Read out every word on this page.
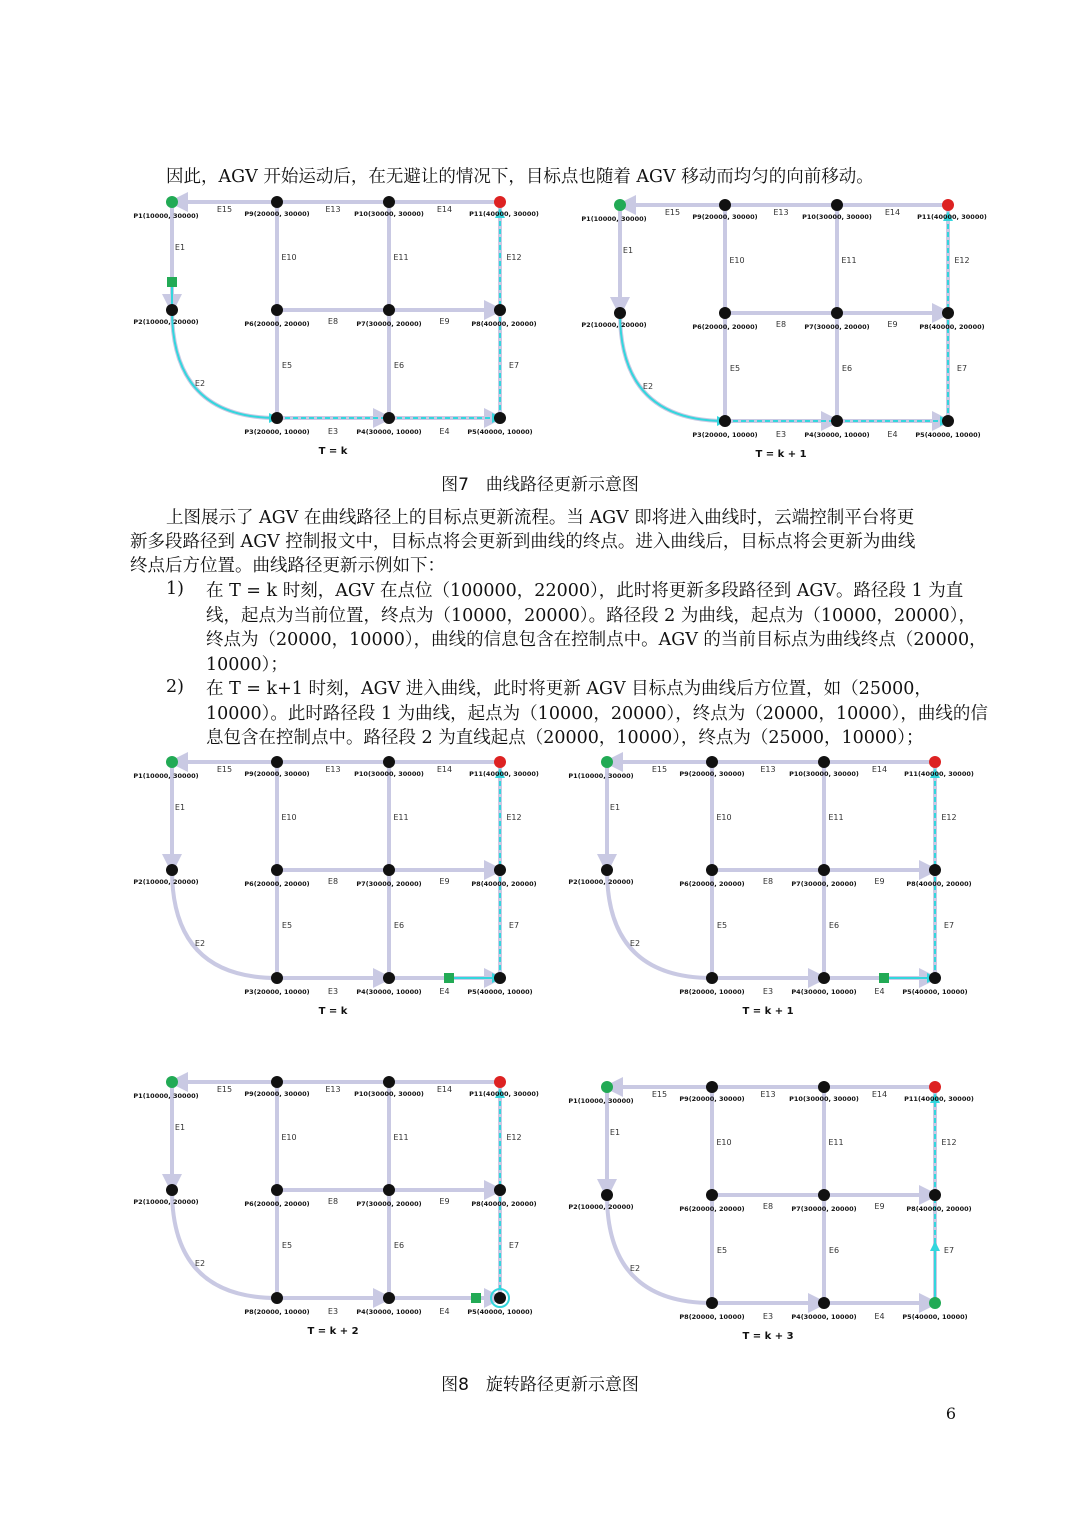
因此，AGV 开始运动后，在无避让的情况下，目标点也随着 AGV 移动而均匀的向前移动。
P1(10000, 30000)
P2(10000, 20000)
P3(20000, 10000)	P4(30000, 10000)	P5(40000, 10000)
P6(20000, 20000)	P7(30000, 20000)	P8(40000, 20000)
P9(20000, 30000)	P10(30000, 30000)	P11(40000, 30000)
E15	E13	E14
E1
E10	E11	E12
E8	E9
E5	E6	E7
E2
E3	E4
T = k
P1(10000, 30000)
P2(10000, 20000)
P3(20000, 10000)	P4(30000, 10000)	P5(40000, 10000)
P6(20000, 20000)	P7(30000, 20000)	P8(40000, 20000)
P9(20000, 30000)	P10(30000, 30000)	P11(40000, 30000)
E15	E13	E14
E1
E10	E11	E12
E8	E9
E5	E6	E7
E2
E3	E4
T = k + 1
图7　曲线路径更新示意图
上图展示了 AGV 在曲线路径上的目标点更新流程。当 AGV 即将进入曲线时，云端控制平台将更
新多段路径到 AGV 控制报文中，目标点将会更新到曲线的终点。进入曲线后，目标点将会更新为曲线
终点后方位置。曲线路径更新示例如下：
1) 在 T = k 时刻，AGV 在点位（100000，22000），此时将更新多段路径到 AGV。路径段 1 为直
线，起点为当前位置，终点为（10000，20000）。路径段 2 为曲线，起点为（10000，20000），
终点为（20000，10000），曲线的信息包含在控制点中。AGV 的当前目标点为曲线终点（20000，
10000）；
2) 在 T = k+1 时刻，AGV 进入曲线，此时将更新 AGV 目标点为曲线后方位置，如（25000，
10000）。此时路径段 1 为曲线，起点为（10000，20000），终点为（20000，10000），曲线的信
息包含在控制点中。路径段 2 为直线起点（20000，10000），终点为（25000，10000）；
P1(10000, 30000)
P2(10000, 20000)
P3(20000, 10000)	P4(30000, 10000)	P5(40000, 10000)
P6(20000, 20000)	P7(30000, 20000)	P8(40000, 20000)
P9(20000, 30000)	P10(30000, 30000)	P11(40000, 30000)
E15	E13	E14
E1
E10	E11	E12
E8	E9
E5	E6	E7
E2
E3	E4
T = k
P1(10000, 30000)
P2(10000, 20000)
P8(20000, 10000)	P4(30000, 10000)	P5(40000, 10000)
P6(20000, 20000)	P7(30000, 20000)	P8(40000, 20000)
P9(20000, 30000)	P10(30000, 30000)	P11(40000, 30000)
E15	E13	E14
E1
E10	E11	E12
E8	E9
E5	E6	E7
E2
E3	E4
T = k + 1
P1(10000, 30000)
P2(10000, 20000)
P8(20000, 10000)	P4(30000, 10000)	P5(40000, 10000)
P6(20000, 20000)	P7(30000, 20000)	P8(40000, 20000)
P9(20000, 30000)	P10(30000, 30000)	P11(40000, 30000)
E15	E13	E14
E1
E10	E11	E12
E8	E9
E5	E6	E7
E2
E3	E4
T = k + 2
P1(10000, 30000)
P2(10000, 20000)
P8(20000, 10000)	P4(30000, 10000)	P5(40000, 10000)
P6(20000, 20000)	P7(30000, 20000)	P8(40000, 20000)
P9(20000, 30000)	P10(30000, 30000)	P11(40000, 30000)
E15	E13	E14
E1
E10	E11	E12
E8	E9
E5	E6	E7
E2
E3	E4
T = k + 3
图8　旋转路径更新示意图
6
